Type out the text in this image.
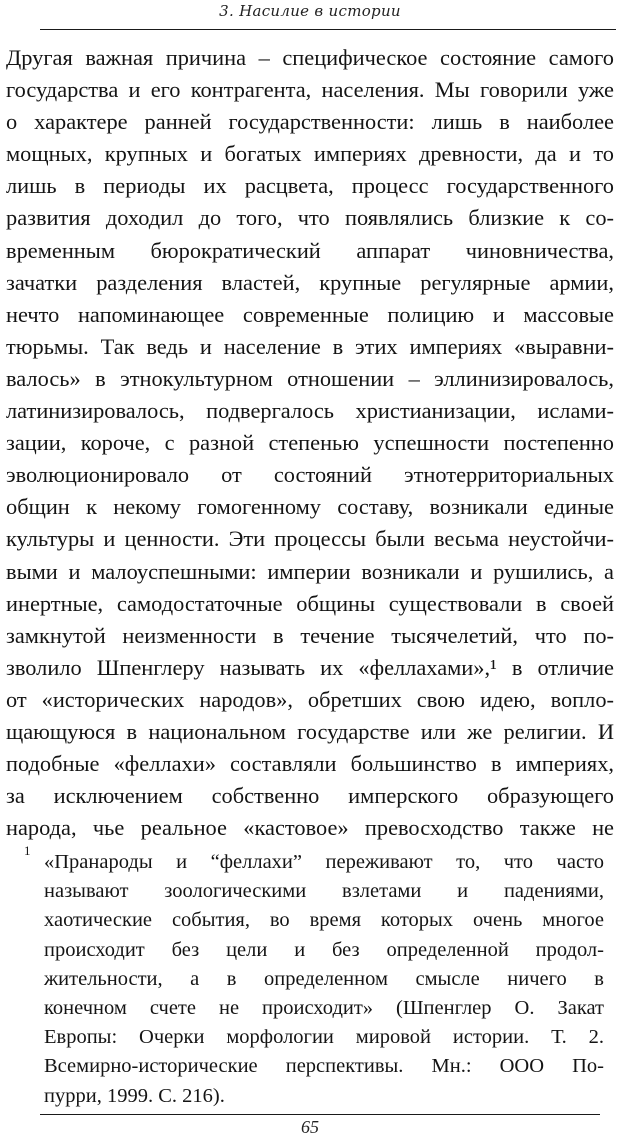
3. Насилие в истории
Другая важная причина – специфическое состояние самого
государства и его контрагента, населения. Мы говорили уже
о характере ранней государственности: лишь в наиболее
мощных, крупных и богатых империях древности, да и то
лишь в периоды их расцвета, процесс государственного
развития доходил до того, что появлялись близкие к со-
временным бюрократический аппарат чиновничества,
зачатки разделения властей, крупные регулярные армии,
нечто напоминающее современные полицию и массовые
тюрьмы. Так ведь и население в этих империях «выравни-
валось» в этнокультурном отношении – эллинизировалось,
латинизировалось, подвергалось христианизации, ислами-
зации, короче, с разной степенью успешности постепенно
эволюционировало от состояний этнотерриториальных
общин к некому гомогенному составу, возникали единые
культуры и ценности. Эти процессы были весьма неустойчи-
выми и малоуспешными: империи возникали и рушились, а
инертные, самодостаточные общины существовали в своей
замкнутой неизменности в течение тысячелетий, что по-
зволило Шпенглеру называть их «феллахами»,¹ в отличие
от «исторических народов», обретших свою идею, вопло-
щающуюся в национальном государстве или же религии. И
подобные «феллахи» составляли большинство в империях,
за исключением собственно имперского образующего
народа, чье реальное «кастовое» превосходство также не
1
«Пранароды и “феллахи” переживают то, что часто
называют зоологическими взлетами и падениями,
хаотические события, во время которых очень многое
происходит без цели и без определенной продол-
жительности, а в определенном смысле ничего в
конечном счете не происходит» (Шпенглер О. Закат
Европы: Очерки морфологии мировой истории. Т. 2.
Всемирно-исторические перспективы. Мн.: ООО По-
пурри, 1999. С. 216).
65
